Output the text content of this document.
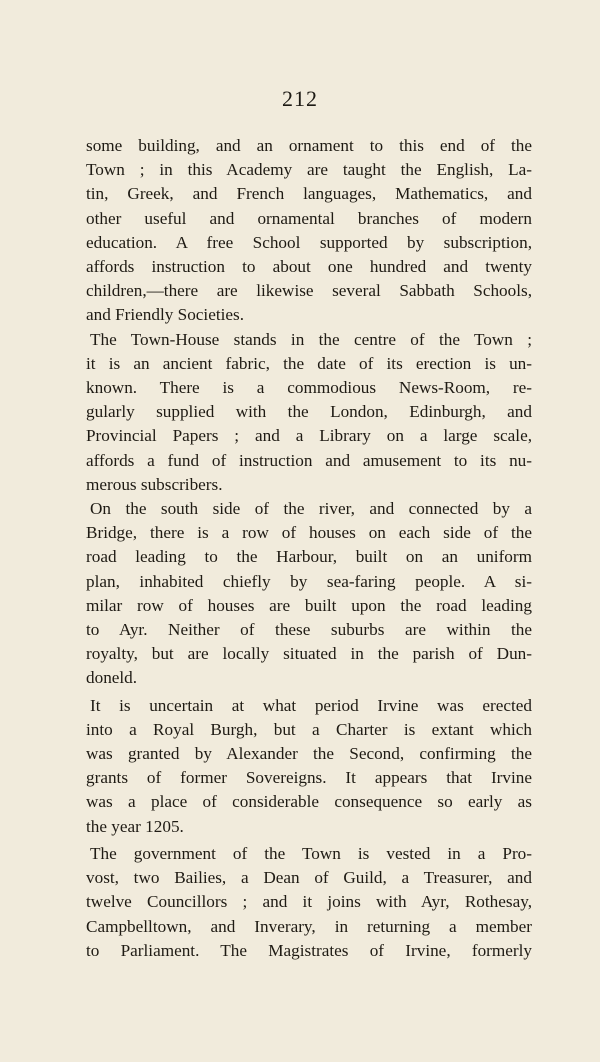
212
some building, and an ornament to this end of the
Town ; in this Academy are taught the English, La-
tin, Greek, and French languages, Mathematics, and
other useful and ornamental branches of modern
education. A free School supported by subscription,
affords instruction to about one hundred and twenty
children,—there are likewise several Sabbath Schools,
and Friendly Societies.
The Town-House stands in the centre of the Town ;
it is an ancient fabric, the date of its erection is un-
known. There is a commodious News-Room, re-
gularly supplied with the London, Edinburgh, and
Provincial Papers ; and a Library on a large scale,
affords a fund of instruction and amusement to its nu-
merous subscribers.
On the south side of the river, and connected by a
Bridge, there is a row of houses on each side of the
road leading to the Harbour, built on an uniform
plan, inhabited chiefly by sea-faring people. A si-
milar row of houses are built upon the road leading
to Ayr. Neither of these suburbs are within the
royalty, but are locally situated in the parish of Dun-
doneld.
It is uncertain at what period Irvine was erected
into a Royal Burgh, but a Charter is extant which
was granted by Alexander the Second, confirming the
grants of former Sovereigns. It appears that Irvine
was a place of considerable consequence so early as
the year 1205.
The government of the Town is vested in a Pro-
vost, two Bailies, a Dean of Guild, a Treasurer, and
twelve Councillors ; and it joins with Ayr, Rothesay,
Campbelltown, and Inverary, in returning a member
to Parliament. The Magistrates of Irvine, formerly
